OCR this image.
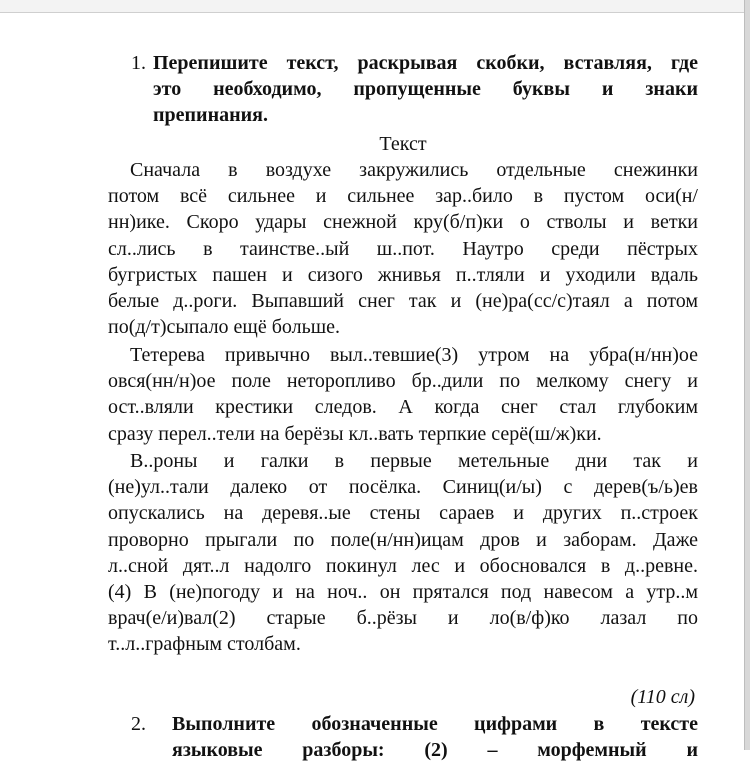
1. Перепишите текст, раскрывая скобки, вставляя, где
это необходимо, пропущенные буквы и знаки
препинания.
Текст
Сначала в воздухе закружились отдельные снежинки
потом всё сильнее и сильнее зар..било в пустом оси(н/
нн)ике. Скоро удары снежной кру(б/п)ки о стволы и ветки
сл..лись в таинстве..ый ш..пот. Наутро среди пёстрых
бугристых пашен и сизого жнивья п..тляли и уходили вдаль
белые д..роги. Выпавший снег так и (не)ра(сс/с)таял а потом
по(д/т)сыпало ещё больше.
Тетерева привычно выл..тевшие(3) утром на убра(н/нн)ое
овся(нн/н)ое поле неторопливо бр..дили по мелкому снегу и
ост..вляли крестики следов. А когда снег стал глубоким
сразу перел..тели на берёзы кл..вать терпкие серё(ш/ж)ки.
В..роны и галки в первые метельные дни так и
(не)ул..тали далеко от посёлка. Синиц(и/ы) с дерев(ъ/ь)ев
опускались на деревя..ые стены сараев и других п..строек
проворно прыгали по поле(н/нн)ицам дров и заборам. Даже
л..сной дят..л надолго покинул лес и обосновался в д..ревне.
(4) В (не)погоду и на ноч.. он прятался под навесом а утр..м
врач(е/и)вал(2) старые б..рёзы и ло(в/ф)ко лазал по
т..л..графным столбам.
(110 сл)
2. Выполните обозначенные цифрами в тексте
языковые разборы: (2) – морфемный и
